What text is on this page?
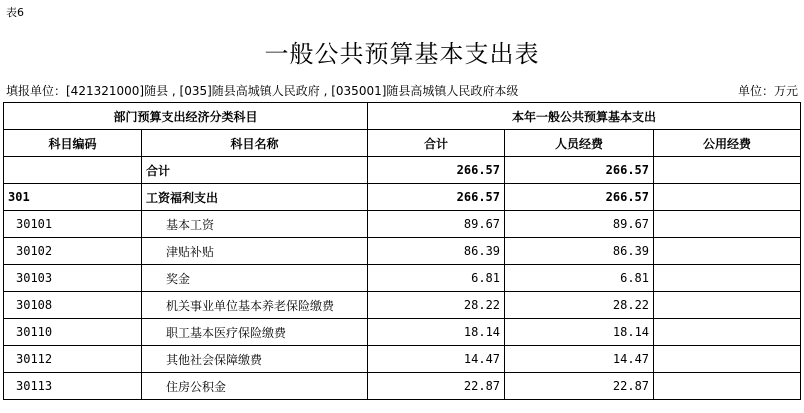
表6
一般公共预算基本支出表
填报单位：[421321000]随县 , [035]随县高城镇人民政府 , [035001]随县高城镇人民政府本级	单位：万元
部门预算支出经济分类科目		本年一般公共预算基本支出		
科目编码	科目名称	合计	人员经费	公用经费
	合计	266.57	266.57	
301	工资福利支出	266.57	266.57	
30101	基本工资	89.67	89.67	
30102	津贴补贴	86.39	86.39	
30103	奖金	6.81	6.81	
30108	机关事业单位基本养老保险缴费	28.22	28.22	
30110	职工基本医疗保险缴费	18.14	18.14	
30112	其他社会保障缴费	14.47	14.47	
30113	住房公积金	22.87	22.87	
